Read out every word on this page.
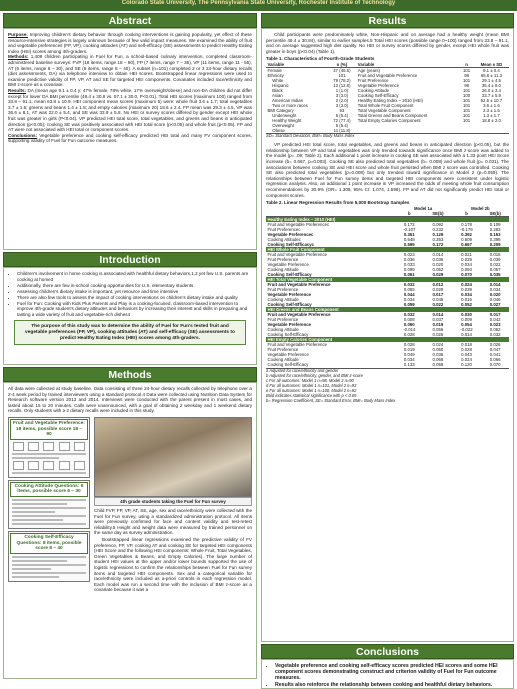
Colorado State University, The Pennsylvania State University, Rochester Institute of Technology
Abstract

Purpose: Improving children's dietary behavior through cooking interventions is gaining popularity, yet effect of these resource-intensive strategies is largely unknown because of few valid impact measures. We examined the ability of fruit and vegetable preferences (FP, VP), cooking attitudes (AT) and self-efficacy (SE) assessments to predict Healthy Eating Index (HEI) scores among 4th-graders.

Methods: 1,409 children participating in Fuel for Fun, a school-based culinary intervention, completed classroom-administered baseline surveys: FVP (18 items, range 18 – 90), FP (7 items, range 7 – 35), VP (11 items, range 11 - 55), AT (6 items, range 6 – 30), and SE (8 items, range 8 – 40). A subset (n=101) completed 2 or 3 24-hour dietary recalls (diet assessments, DA) via telephone interview to obtain HEI scores. Bootstrapped linear regressions were used to examine predictive validity of FP, VP, AT and SE for targeted HEI components. Covariates included race/ethnicity and BMI z-score as a covariate.

Results: DA (mean age 9.1 ± 0.4 y; 47% female, 78% white, 17% overweight/obese) and non-DA children did not differ except for lower DA BMI percentile (49.4 ± 30.8 vs. 57.1 ± 30.0, P<0.01). Total HEI scores (maximum 100) ranged from 33.8 – 91.1, mean 63.8 ± 10.9. HEI component mean scores (maximum 5) were: whole fruit 3.6 ± 1.7; total vegetables 3.7 ± 1.6; greens and beans 1.4 ± 1.8; and empty calories (maximum 20) 18.6 ± 2.4. FP mean was 29.3 ± 4.5, VP was 36.6 ± 8.1, AT was 22.0 ± 5.4, and SE was 33.9 ± 5.8. No HEI or survey scores differed by gender except HEI whole fruit was greater in girls (P<0.04). VP predicted HEI total score, total vegetables, and greens and beans in anticipated direction (p<0.05); cooking SE was positively associated with HEI total score (p<0.05) and whole fruit (p<0.05). FP and AT were not associated with HEI total or component scores.

Conclusions: Vegetable preference and cooking self-efficacy predicted HEI total and many FV component scores, supporting validity of Fuel for Fun outcome measures.

Introduction
• Children's involvement in home cooking is associated with healthful dietary behaviors,1,2 yet few U.S. parents are cooking at home3
• Additionally, there are few in-school cooking opportunities for U.S. elementary students
• Assessing children's dietary intake is important, yet resource and time intensive
• There are also few tools to assess the impact of cooking interventions on children's dietary intake and quality
• Fuel for Fun: Cooking with Kids Plus Parents and Play is a cooking-focused, classroom-based intervention to improve 4th-grade student's dietary attitudes and behaviors by increasing their interest and skills in preparing and tasting a wide variety of fruit and vegetable-rich dishes4
The purpose of this study was to determine the ability of Fuel for Fun's tested fruit and vegetable preferences (FP, VP), cooking attitudes (AT) and self-efficacy (SE) assessments to predict Healthy Eating Index (HEI) scores among 4th-graders.
Methods

All data were collected at study baseline. Data consisting of three 24-hour dietary recalls collected by telephone over a 2-4 week period by trained interviewers using a standard protocol.4 Data were collected using Nutrition Data System for Research software version 2013 and 2014. Interviews were conducted with the parent present in most cases, and lasted about 15 to 20 minutes. Calls were unannounced, with a goal of obtaining 2 weekday and 1 weekend dietary recalls. Only students with ≥ 2 dietary recalls were included in this study.

Fruit and Vegetable Preference: 18 items, possible score 18 – 90
Cooking Attitude Questions: 6 items, possible score 6 – 30
Cooking Self-Efficacy Questions: 8 items, possible score 8 – 40
4th grade students taking the Fuel for Fun survey

Child FVP, FP, VP, AT, SE, age, sex and race/ethnicity were collected with the Fuel for Fun survey, using a standardized administration protocol. All items were previously confirmed for face and content validity and test-retest reliability.5 Height and weight data were measured by trained personnel on the same day as survey administration.

Bootstrapped linear regressions examined the predictive validity of FV preference, FP, VP, cooking AT and cooking SE for targeted HEI components (HEI Score and the following HEI components: Whole Fruit, Total Vegetables, Green Vegetables & Beans, and Empty Calories). The large number of student HEI values at the upper and/or lower bounds supported the use of logistic regressions to confirm the relationships between Fuel for Fun survey items and targeted HEI components. Sex and a categorical variable for race/ethnicity were included as a-priori controls in each regression model. Each model was run a second time with the inclusion of BMI z-score as a covariate because it was a

Results

Child participants were predominately white, Non-Hispanic and on average had a healthy weight (mean BMI percentile 49.4 ± 30.84), similar to earlier samples.5 Total HEI scores (possible range 0~100) ranged from 33.8 – 91.1, and on average suggested high diet quality. No HEI or survey scores differed by gender, except HEI whole fruit was greater in boys (p<0.04) (Table 1).

Table 1. Characteristics of Fourth-Grade Students
Variable	n (%)	Variable	n	Mean ± SD
Female	47 (46.5)	Age (years)	101	9.1 ± 0.4
Ethnicity	101	Fruit and Vegetable Preference	98	65.6 ± 11.3
White	79 (78.2)	Fruit Preference	101	29.1 ± 4.5
Hispanic	13 (12.8)	Vegetable Preference	98	36.4 ± 8.0
Black	1 (1.0)	Cooking Attitude	101	26.0 ± 3.4
Asian	3 (3.0)	Cooking Self-Efficacy	100	33.7 ± 5.9
American Indian	2 (2.0)	Healthy Eating Index – 2010 (HEI)	101	62.5 ± 10.7
Two or more races	3 (3.0)	Total Whole Fruit Component	101	3.6 ± 1.6
BMI Category	93	Total Vegetable Component	101	2.3 ± 1.5
Underweight	5 (5.4)	Total Greens and Beans Component	101	1.3 ± 1.7
Healthy Weight	72 (77.4)	Total Empty Calories Component	101	18.8 ± 2.0
Overweight	5 (5.4)			
Obese	11 (11.8)			
SD= Standard Deviation, BMI= Body Mass Index

VP predicted HEI total score, total vegetables, and greens and beans in anticipated direction (p<0.05), but the relationship between VP and total vegetables was only trended towards significance once BMI z-score was added to the model (p= .09; Table 2). Each additional 1 point increase in cooking SE was associated with a 1.33 point HEI Score increase (b= 0.667, p=0.003). Cooking SE also predicted total vegetables (b= 0.008) and whole fruit (p= 0.031). The associations between cooking SE and HEI score and whole fruit persisted when BMI z score was controlled. Cooking SE also predicted total vegetables (p=0.008) but only trended toward significance in Model 2 (p=0.059). The relationships between Fuel for Fun survey items and targeted HEI components were consistent under logistic regression analysis. Also, an additional 1 point increase in VP increased the odds of meeting whole fruit consumption recommendations by 30.9% (OR= 1.309, 95% CI: 1.074, 1.598). FP and AT did not significantly predict HEI total or component scores.

Table 2. Linear Regression Results from 5,000 Bootstrap Samples
	Model 1a		Model 2b	
	b	SE(b)	b	SE(b)
Healthy Eating Index – 2010 (HEI)				
Fruit and Vegetable Preferencec	0.172	0.092	0.178	0.109
Fruit Preferencec	-0.107	0.232	-0.179	0.283
Vegetable Preferencec	0.361	0.129	0.392	0.153
Cooking Attitudec	0.648	0.353	0.609	0.398
Cooking Self-Efficacyc	0.595	0.172	0.667	0.209
HEI Whole Fruit Component				
Fruit and Vegetable Preference	0.023	0.014	0.021	0.016
Fruit Preference	0.036	0.036	0.029	0.039
Vegetable Preference	0.033	0.020	0.034	0.022
Cooking Attitude	0.099	0.052	0.093	0.057
Cooking Self-Efficacy	0.061	0.029	0.070	0.035
HEI Total Vegetable Component				
Fruit and Vegetable Preference	0.032	0.012	0.024	0.014
Fruit Preference	0.055	0.029	0.039	0.034
Vegetable Preference	0.044	0.017	0.034	0.020
Cooking Attitude	0.034	0.045	0.015	0.046
Cooking Self-Efficacy	0.059	0.022	0.052	0.027
HEI Greens and Beans Component				
Fruit and Vegetable Preference	0.032	0.014	0.030	0.017
Fruit Preference	0.008	0.037	0.009	0.042
Vegetable Preference	0.060	0.019	0.054	0.023
Cooking Attitude	-0.014	0.056	-0.022	0.062
Cooking Self-Efficacy	0.028	0.025	0.014	0.032
HEI Empty Calories Component				
Fruit and Vegetable Preference	0.028	0.024	0.018	0.026
Fruit Preference	0.019	0.050	0.028	0.047
Vegetable Preference	0.049	0.036	0.043	0.041
Cooking Attitude	0.034	0.068	0.024	0.066
Cooking Self-Efficacy	0.133	0.058	0.120	0.070
a Adjusted for race/ethnicity and gender
b Adjusted for race/ethnicity, gender, and BMI z-score
c For all outcomes: Model 1 n=98, Model 2 n=90
d For all outcomes: Model 1 n=101, Model 2 n=93
e For all outcomes: Model 1 n=100, Model 2 n=92
Bold indicates statistical significance with p < 0.05
b= Regression Coefficient, SE= Standard Error, BMI= Body Mass Index
Conclusions
• Vegetable preference and cooking self-efficacy scores predicted HEI scores and some HEI component scores demonstrating construct and criterion validity of Fuel for Fun outcome measures.
• Results also reinforce the relationship between cooking and healthful dietary behaviors.
